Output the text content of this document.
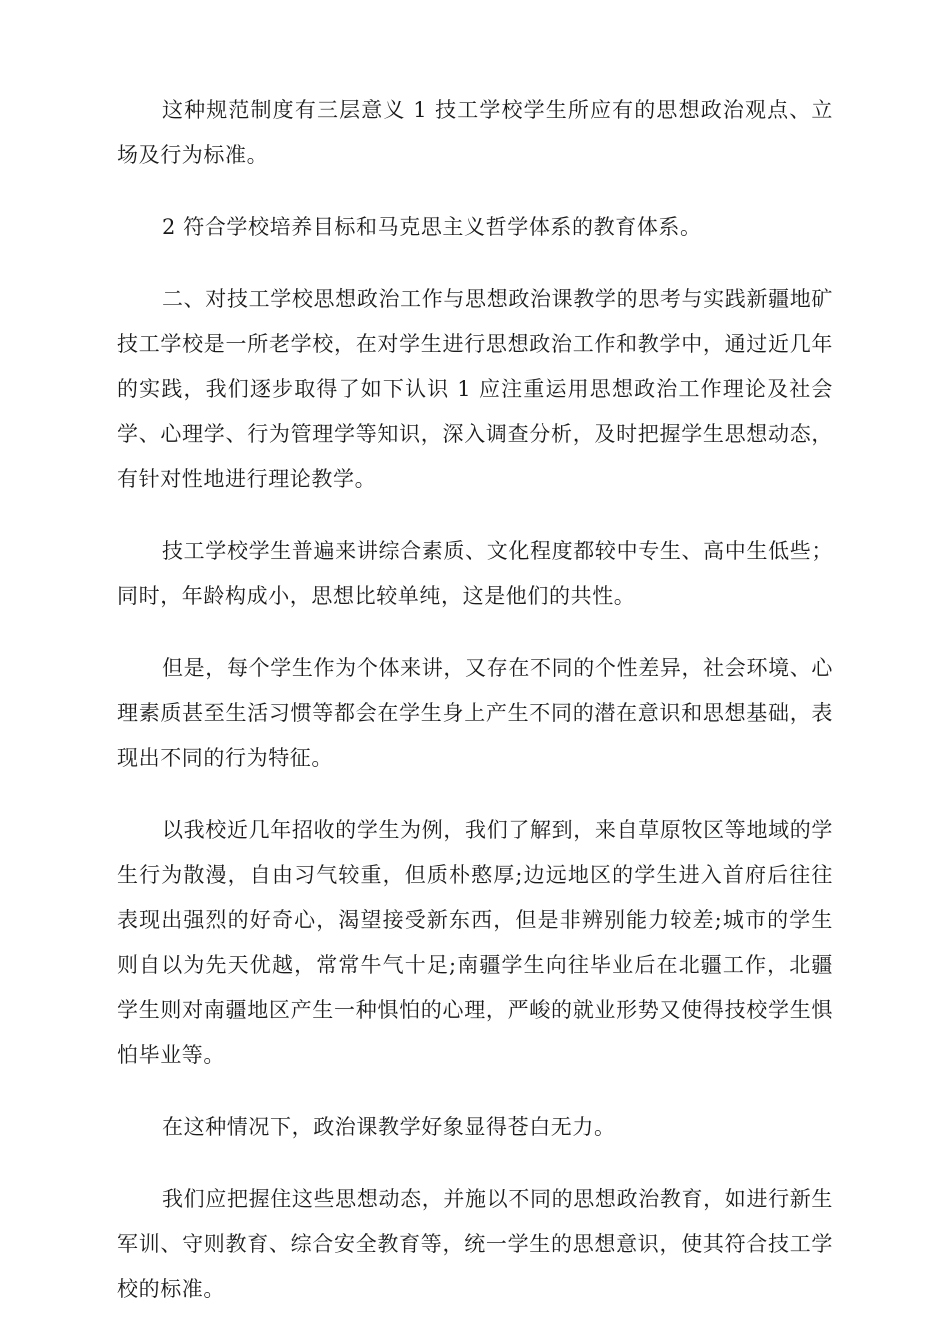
这种规范制度有三层意义 1 技工学校学生所应有的思想政治观点、立场及行为标准。

2 符合学校培养目标和马克思主义哲学体系的教育体系。

二、对技工学校思想政治工作与思想政治课教学的思考与实践新疆地矿技工学校是一所老学校，在对学生进行思想政治工作和教学中，通过近几年的实践，我们逐步取得了如下认识 1 应注重运用思想政治工作理论及社会学、心理学、行为管理学等知识，深入调查分析，及时把握学生思想动态，有针对性地进行理论教学。

技工学校学生普遍来讲综合素质、文化程度都较中专生、高中生低些；同时，年龄构成小，思想比较单纯，这是他们的共性。

但是，每个学生作为个体来讲，又存在不同的个性差异，社会环境、心理素质甚至生活习惯等都会在学生身上产生不同的潜在意识和思想基础，表现出不同的行为特征。

以我校近几年招收的学生为例，我们了解到，来自草原牧区等地域的学生行为散漫，自由习气较重，但质朴憨厚;边远地区的学生进入首府后往往表现出强烈的好奇心，渴望接受新东西，但是非辨别能力较差;城市的学生则自以为先天优越，常常牛气十足;南疆学生向往毕业后在北疆工作，北疆学生则对南疆地区产生一种惧怕的心理，严峻的就业形势又使得技校学生惧怕毕业等。

在这种情况下，政治课教学好象显得苍白无力。

我们应把握住这些思想动态，并施以不同的思想政治教育，如进行新生军训、守则教育、综合安全教育等，统一学生的思想意识，使其符合技工学校的标准。
